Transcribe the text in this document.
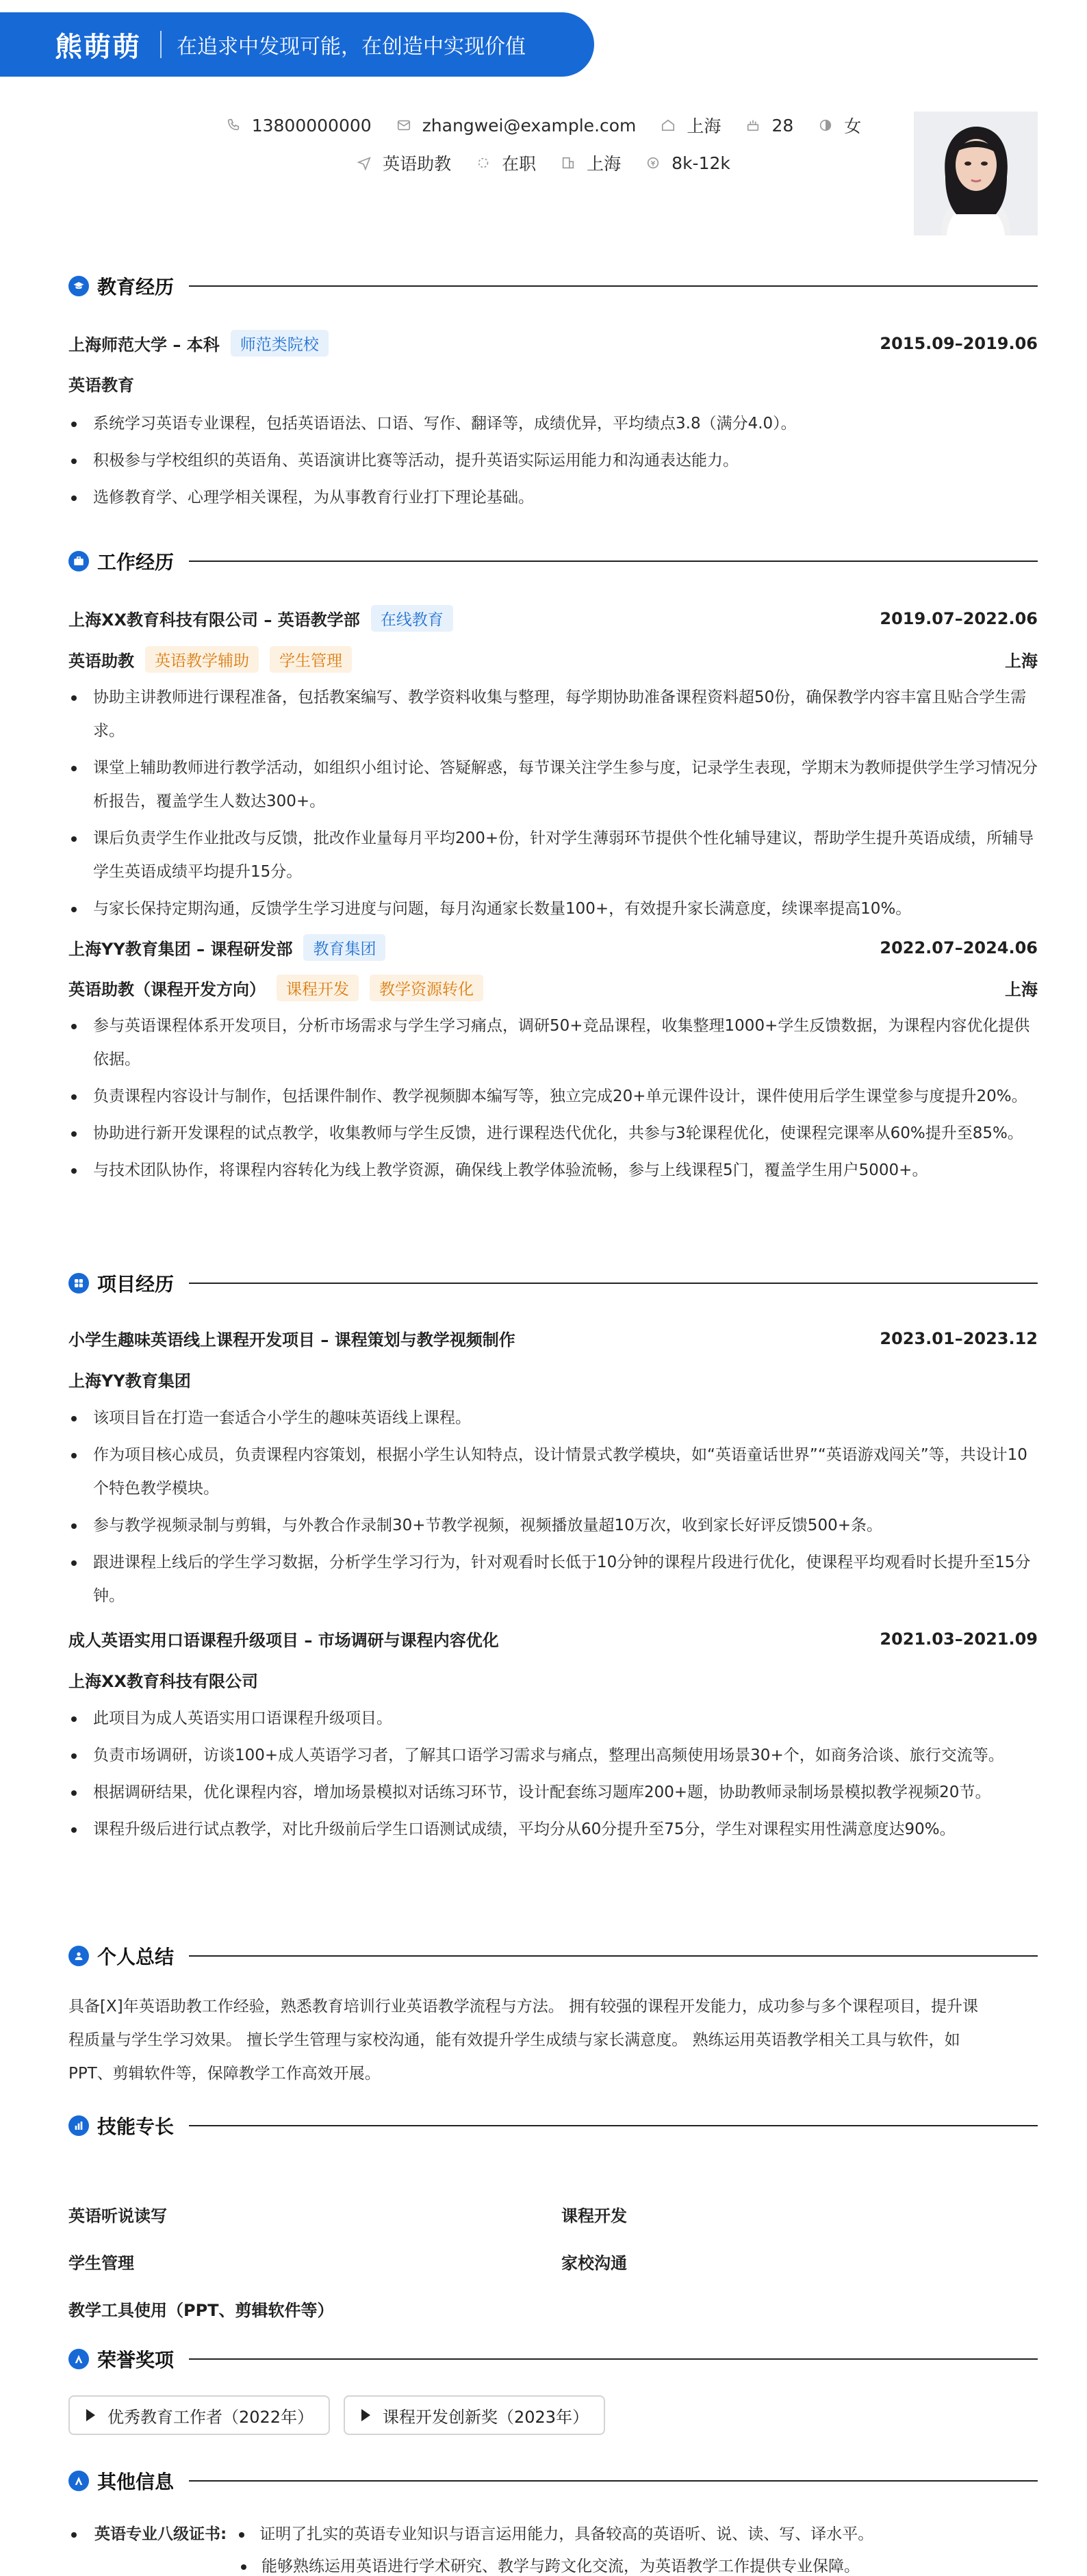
熊萌萌 在追求中发现可能，在创造中实现价值
13800000000	zhangwei@example.com	上海	28	女
英语助教	在职	上海	8k-12k
教育经历
上海师范大学 – 本科	师范类院校	2015.09–2019.06
英语教育
系统学习英语专业课程，包括英语语法、口语、写作、翻译等，成绩优异，平均绩点3.8（满分4.0）。
积极参与学校组织的英语角、英语演讲比赛等活动，提升英语实际运用能力和沟通表达能力。
选修教育学、心理学相关课程，为从事教育行业打下理论基础。
工作经历
上海XX教育科技有限公司 – 英语教学部	在线教育	2019.07–2022.06
英语助教	英语教学辅助	学生管理	上海
协助主讲教师进行课程准备，包括教案编写、教学资料收集与整理，每学期协助准备课程资料超50份，确保教学内容丰富且贴合学生需求。
课堂上辅助教师进行教学活动，如组织小组讨论、答疑解惑，每节课关注学生参与度，记录学生表现，学期末为教师提供学生学习情况分析报告，覆盖学生人数达300+。
课后负责学生作业批改与反馈，批改作业量每月平均200+份，针对学生薄弱环节提供个性化辅导建议，帮助学生提升英语成绩，所辅导学生英语成绩平均提升15分。
与家长保持定期沟通，反馈学生学习进度与问题，每月沟通家长数量100+，有效提升家长满意度，续课率提高10%。
上海YY教育集团 – 课程研发部	教育集团	2022.07–2024.06
英语助教（课程开发方向）	课程开发	教学资源转化	上海
参与英语课程体系开发项目，分析市场需求与学生学习痛点，调研50+竞品课程，收集整理1000+学生反馈数据，为课程内容优化提供依据。
负责课程内容设计与制作，包括课件制作、教学视频脚本编写等，独立完成20+单元课件设计，课件使用后学生课堂参与度提升20%。
协助进行新开发课程的试点教学，收集教师与学生反馈，进行课程迭代优化，共参与3轮课程优化，使课程完课率从60%提升至85%。
与技术团队协作，将课程内容转化为线上教学资源，确保线上教学体验流畅，参与上线课程5门，覆盖学生用户5000+。
项目经历
小学生趣味英语线上课程开发项目 – 课程策划与教学视频制作	2023.01–2023.12
上海YY教育集团
该项目旨在打造一套适合小学生的趣味英语线上课程。
作为项目核心成员，负责课程内容策划，根据小学生认知特点，设计情景式教学模块，如“英语童话世界”“英语游戏闯关”等，共设计10个特色教学模块。
参与教学视频录制与剪辑，与外教合作录制30+节教学视频，视频播放量超10万次，收到家长好评反馈500+条。
跟进课程上线后的学生学习数据，分析学生学习行为，针对观看时长低于10分钟的课程片段进行优化，使课程平均观看时长提升至15分钟。
成人英语实用口语课程升级项目 – 市场调研与课程内容优化	2021.03–2021.09
上海XX教育科技有限公司
此项目为成人英语实用口语课程升级项目。
负责市场调研，访谈100+成人英语学习者，了解其口语学习需求与痛点，整理出高频使用场景30+个，如商务洽谈、旅行交流等。
根据调研结果，优化课程内容，增加场景模拟对话练习环节，设计配套练习题库200+题，协助教师录制场景模拟教学视频20节。
课程升级后进行试点教学，对比升级前后学生口语测试成绩，平均分从60分提升至75分，学生对课程实用性满意度达90%。
个人总结
具备[X]年英语助教工作经验，熟悉教育培训行业英语教学流程与方法。 拥有较强的课程开发能力，成功参与多个课程项目，提升课
程质量与学生学习效果。 擅长学生管理与家校沟通，能有效提升学生成绩与家长满意度。 熟练运用英语教学相关工具与软件，如
PPT、剪辑软件等，保障教学工作高效开展。
技能专长
英语听说读写	课程开发
学生管理	家校沟通
教学工具使用（PPT、剪辑软件等）
荣誉奖项
优秀教育工作者（2022年）	课程开发创新奖（2023年）
其他信息
英语专业八级证书: 证明了扎实的英语专业知识与语言运用能力，具备较高的英语听、说、读、写、译水平。
能够熟练运用英语进行学术研究、教学与跨文化交流，为英语教学工作提供专业保障。
